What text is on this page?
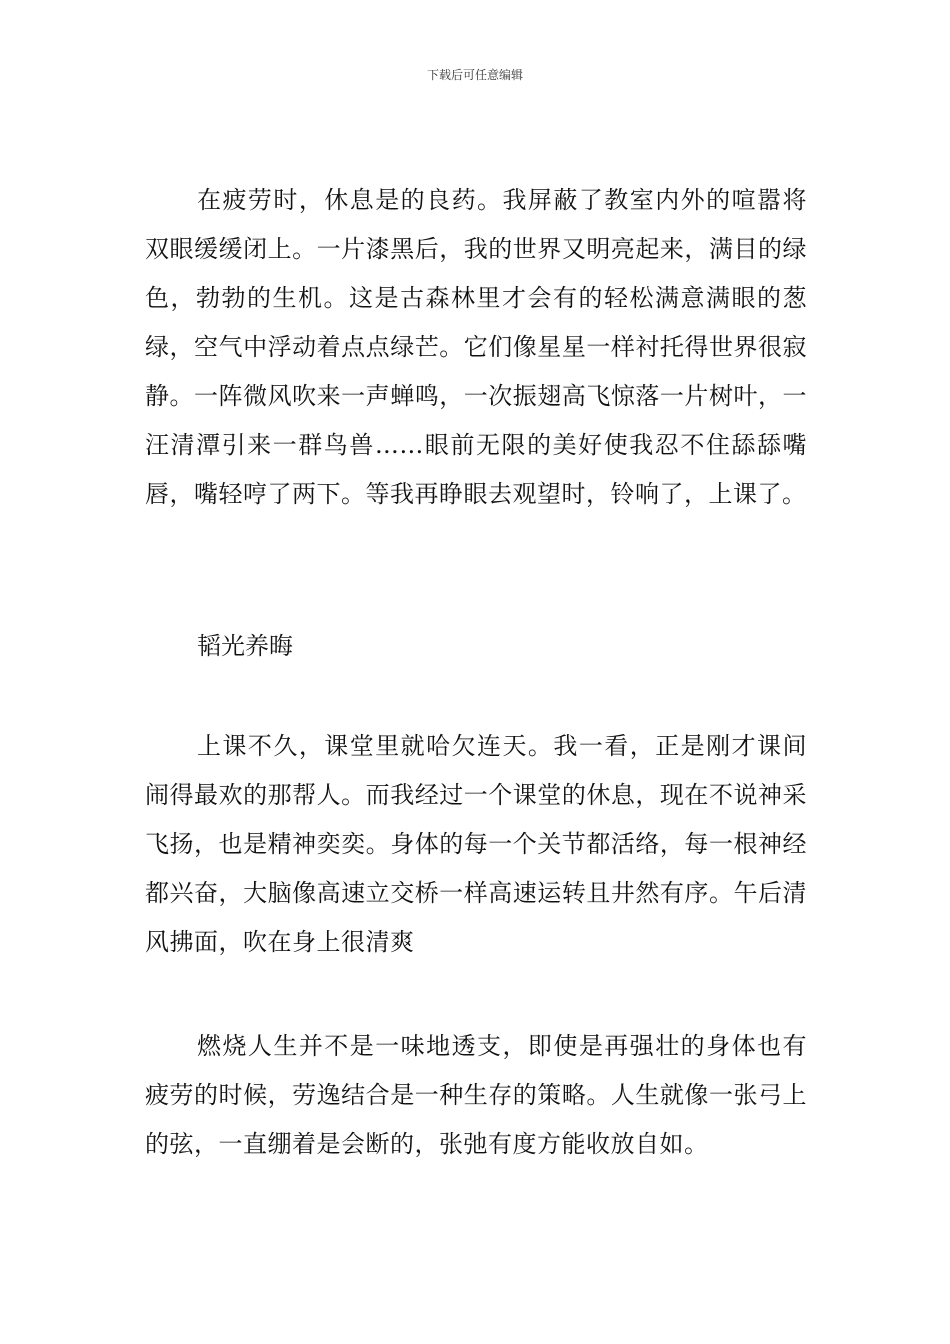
下载后可任意编辑

在疲劳时，休息是的良药。我屏蔽了教室内外的喧嚣将双眼缓缓闭上。一片漆黑后，我的世界又明亮起来，满目的绿色，勃勃的生机。这是古森林里才会有的轻松满意满眼的葱绿，空气中浮动着点点绿芒。它们像星星一样衬托得世界很寂静。一阵微风吹来一声蝉鸣，一次振翅高飞惊落一片树叶，一汪清潭引来一群鸟兽……眼前无限的美好使我忍不住舔舔嘴唇，嘴轻哼了两下。等我再睁眼去观望时，铃响了，上课了。

韬光养晦

上课不久，课堂里就哈欠连天。我一看，正是刚才课间闹得最欢的那帮人。而我经过一个课堂的休息，现在不说神采飞扬，也是精神奕奕。身体的每一个关节都活络，每一根神经都兴奋，大脑像高速立交桥一样高速运转且井然有序。午后清风拂面，吹在身上很清爽

燃烧人生并不是一味地透支，即使是再强壮的身体也有疲劳的时候，劳逸结合是一种生存的策略。人生就像一张弓上的弦，一直绷着是会断的，张弛有度方能收放自如。
